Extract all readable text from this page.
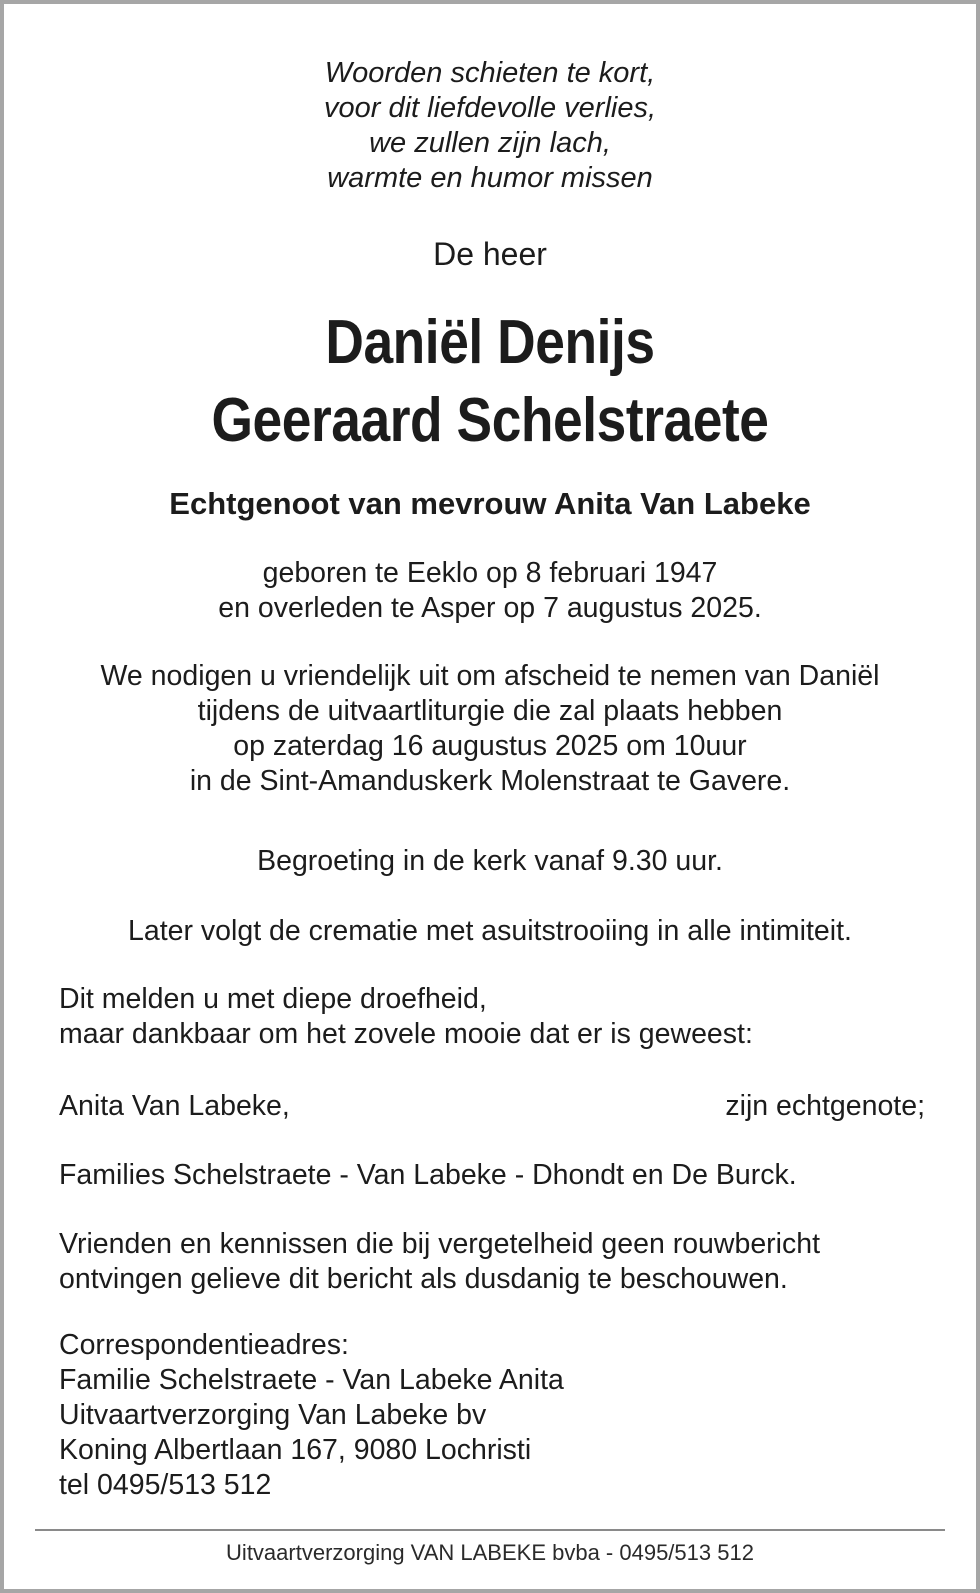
Woorden schieten te kort,
voor dit liefdevolle verlies,
we zullen zijn lach,
warmte en humor missen
De heer
Daniël Denijs
Geeraard Schelstraete
Echtgenoot van mevrouw Anita Van Labeke
geboren te Eeklo op 8 februari 1947
en overleden te Asper op 7 augustus 2025.
We nodigen u vriendelijk uit om afscheid te nemen van Daniël
tijdens de uitvaartliturgie die zal plaats hebben
op zaterdag 16 augustus 2025 om 10uur
in de Sint-Amanduskerk Molenstraat te Gavere.
Begroeting in de kerk vanaf 9.30 uur.
Later volgt de crematie met asuitstrooiing in alle intimiteit.
Dit melden u met diepe droefheid,
maar dankbaar om het zovele mooie dat er is geweest:
Anita Van Labeke,	zijn echtgenote;
Families Schelstraete - Van Labeke - Dhondt en De Burck.
Vrienden en kennissen die bij vergetelheid geen rouwbericht
ontvingen gelieve dit bericht als dusdanig te beschouwen.
Correspondentieadres:
Familie Schelstraete - Van Labeke Anita
Uitvaartverzorging Van Labeke bv
Koning Albertlaan 167, 9080 Lochristi
tel 0495/513 512
Uitvaartverzorging VAN LABEKE bvba - 0495/513 512
